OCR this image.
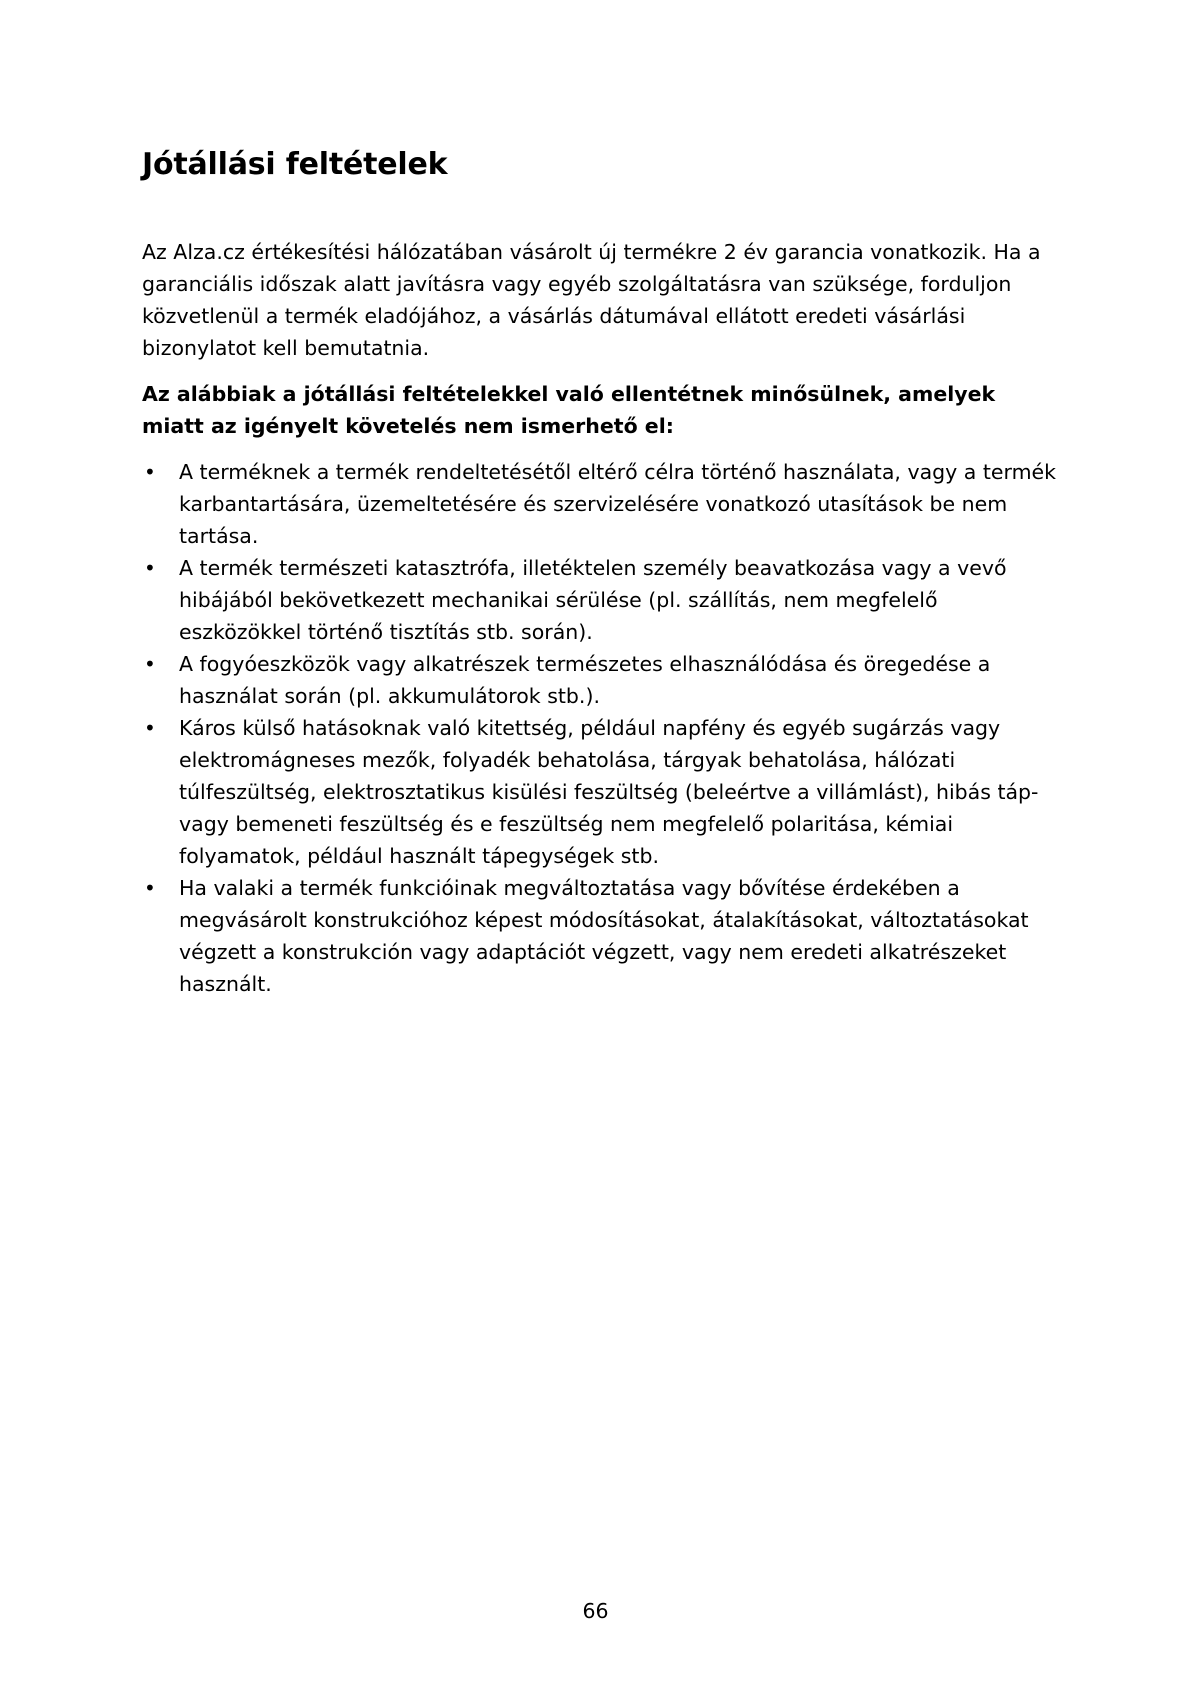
Jótállási feltételek

Az Alza.cz értékesítési hálózatában vásárolt új termékre 2 év garancia vonatkozik. Ha a garanciális időszak alatt javításra vagy egyéb szolgáltatásra van szüksége, forduljon közvetlenül a termék eladójához, a vásárlás dátumával ellátott eredeti vásárlási bizonylatot kell bemutatnia.

Az alábbiak a jótállási feltételekkel való ellentétnek minősülnek, amelyek miatt az igényelt követelés nem ismerhető el:

• A terméknek a termék rendeltetésétől eltérő célra történő használata, vagy a termék karbantartására, üzemeltetésére és szervizelésére vonatkozó utasítások be nem tartása.
• A termék természeti katasztrófa, illetéktelen személy beavatkozása vagy a vevő hibájából bekövetkezett mechanikai sérülése (pl. szállítás, nem megfelelő eszközökkel történő tisztítás stb. során).
• A fogyóeszközök vagy alkatrészek természetes elhasználódása és öregedése a használat során (pl. akkumulátorok stb.).
• Káros külső hatásoknak való kitettség, például napfény és egyéb sugárzás vagy elektromágneses mezők, folyadék behatolása, tárgyak behatolása, hálózati túlfeszültség, elektrosztatikus kisülési feszültség (beleértve a villámlást), hibás táp- vagy bemeneti feszültség és e feszültség nem megfelelő polaritása, kémiai folyamatok, például használt tápegységek stb.
• Ha valaki a termék funkcióinak megváltoztatása vagy bővítése érdekében a megvásárolt konstrukcióhoz képest módosításokat, átalakításokat, változtatásokat végzett a konstrukción vagy adaptációt végzett, vagy nem eredeti alkatrészeket használt.
66
